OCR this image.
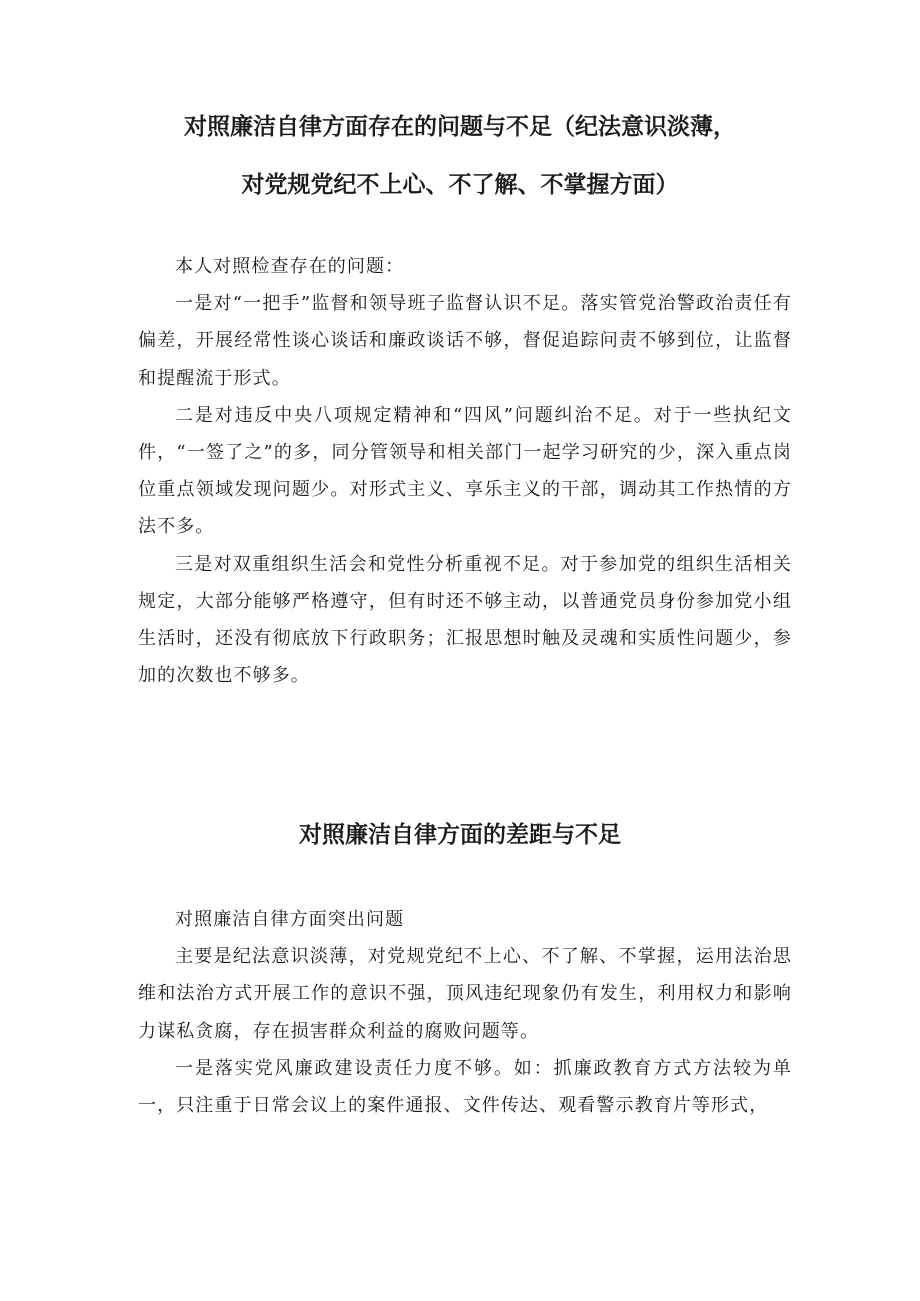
对照廉洁自律方面存在的问题与不足（纪法意识淡薄，
对党规党纪不上心、不了解、不掌握方面）

本人对照检查存在的问题：

一是对“一把手”监督和领导班子监督认识不足。落实管党治警政治责任有偏差，开展经常性谈心谈话和廉政谈话不够，督促追踪问责不够到位，让监督和提醒流于形式。

二是对违反中央八项规定精神和“四风”问题纠治不足。对于一些执纪文件，“一签了之”的多，同分管领导和相关部门一起学习研究的少，深入重点岗位重点领域发现问题少。对形式主义、享乐主义的干部，调动其工作热情的方法不多。

三是对双重组织生活会和党性分析重视不足。对于参加党的组织生活相关规定，大部分能够严格遵守，但有时还不够主动，以普通党员身份参加党小组生活时，还没有彻底放下行政职务；汇报思想时触及灵魂和实质性问题少，参加的次数也不够多。

对照廉洁自律方面的差距与不足

对照廉洁自律方面突出问题

主要是纪法意识淡薄，对党规党纪不上心、不了解、不掌握，运用法治思维和法治方式开展工作的意识不强，顶风违纪现象仍有发生，利用权力和影响力谋私贪腐，存在损害群众利益的腐败问题等。

一是落实党风廉政建设责任力度不够。如：抓廉政教育方式方法较为单一，只注重于日常会议上的案件通报、文件传达、观看警示教育片等形式，
